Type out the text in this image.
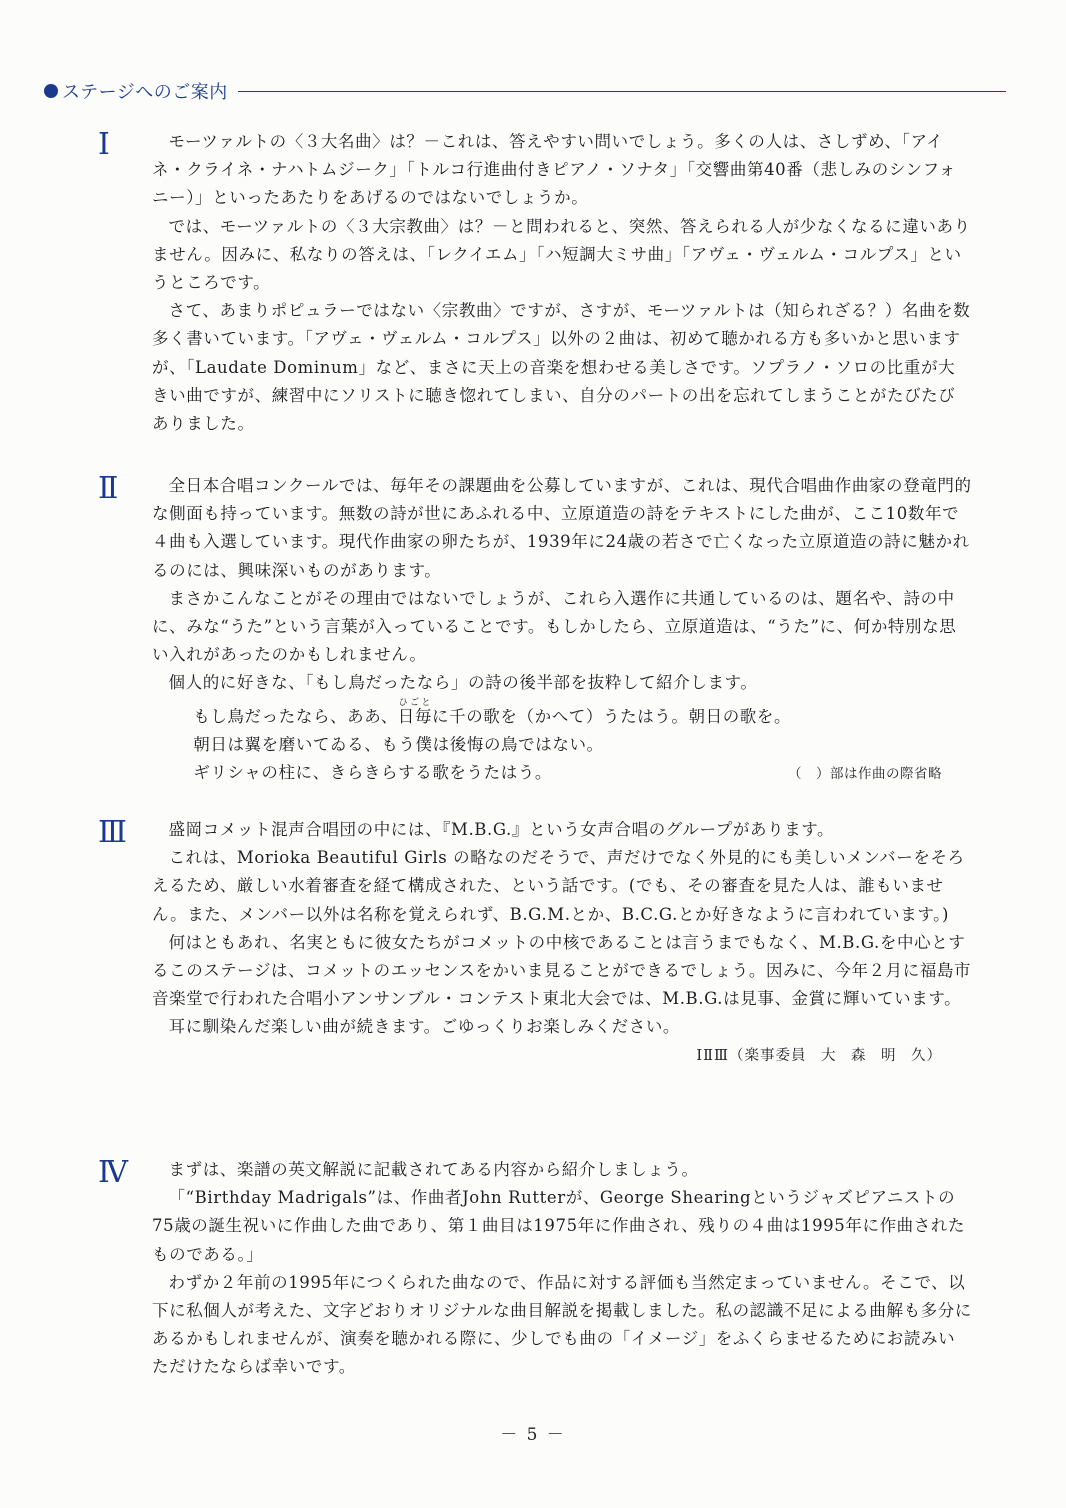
ステージへのご案内
Ⅰ	モーツァルトの〈３大名曲〉は？－これは、答えやすい問いでしょう。多くの人は、さしずめ、「アイネ・クライネ・ナハトムジーク」「トルコ行進曲付きピアノ・ソナタ」「交響曲第40番（悲しみのシンフォニー）」といったあたりをあげるのではないでしょうか。

では、モーツァルトの〈３大宗教曲〉は？－と問われると、突然、答えられる人が少なくなるに違いありません。因みに、私なりの答えは、「レクイエム」「ハ短調大ミサ曲」「アヴェ・ヴェルム・コルプス」というところです。

さて、あまりポピュラーではない〈宗教曲〉ですが、さすが、モーツァルトは（知られざる？）名曲を数多く書いています。「アヴェ・ヴェルム・コルプス」以外の２曲は、初めて聴かれる方も多いかと思いますが、「Laudate Dominum」など、まさに天上の音楽を想わせる美しさです。ソプラノ・ソロの比重が大きい曲ですが、練習中にソリストに聴き惚れてしまい、自分のパートの出を忘れてしまうことがたびたびありました。

Ⅱ	全日本合唱コンクールでは、毎年その課題曲を公募していますが、これは、現代合唱曲作曲家の登竜門的な側面も持っています。無数の詩が世にあふれる中、立原道造の詩をテキストにした曲が、ここ10数年で４曲も入選しています。現代作曲家の卵たちが、1939年に24歳の若さで亡くなった立原道造の詩に魅かれるのには、興味深いものがあります。

まさかこんなことがその理由ではないでしょうが、これら入選作に共通しているのは、題名や、詩の中に、みな“うた”という言葉が入っていることです。もしかしたら、立原道造は、“うた”に、何か特別な思い入れがあったのかもしれません。

個人的に好きな、「もし鳥だったなら」の詩の後半部を抜粋して紹介します。

もし鳥だったなら、ああ、日毎ひごとに千の歌を（かへて）うたはう。朝日の歌を。
朝日は翼を磨いてゐる、もう僕は後悔の鳥ではない。
ギリシャの柱に、きらきらする歌をうたはう。	（　）部は作曲の際省略
Ⅲ	盛岡コメット混声合唱団の中には、『M.B.G.』という女声合唱のグループがあります。

これは、Morioka Beautiful Girls の略なのだそうで、声だけでなく外見的にも美しいメンバーをそろえるため、厳しい水着審査を経て構成された、という話です。(でも、その審査を見た人は、誰もいません。また、メンバー以外は名称を覚えられず、B.G.M.とか、B.C.G.とか好きなように言われています。)

何はともあれ、名実ともに彼女たちがコメットの中核であることは言うまでもなく、M.B.G.を中心とするこのステージは、コメットのエッセンスをかいま見ることができるでしょう。因みに、今年２月に福島市音楽堂で行われた合唱小アンサンブル・コンテスト東北大会では、M.B.G.は見事、金賞に輝いています。

耳に馴染んだ楽しい曲が続きます。ごゆっくりお楽しみください。

ⅠⅡⅢ（楽事委員 大 森 明 久）
Ⅳ	まずは、楽譜の英文解説に記載されてある内容から紹介しましょう。

「“Birthday Madrigals”は、作曲者John Rutterが、George Shearingというジャズピアニストの75歳の誕生祝いに作曲した曲であり、第１曲目は1975年に作曲され、残りの４曲は1995年に作曲されたものである。」

わずか２年前の1995年につくられた曲なので、作品に対する評価も当然定まっていません。そこで、以下に私個人が考えた、文字どおりオリジナルな曲目解説を掲載しました。私の認識不足による曲解も多分にあるかもしれませんが、演奏を聴かれる際に、少しでも曲の「イメージ」をふくらませるためにお読みいただけたならば幸いです。

－ 5 －
